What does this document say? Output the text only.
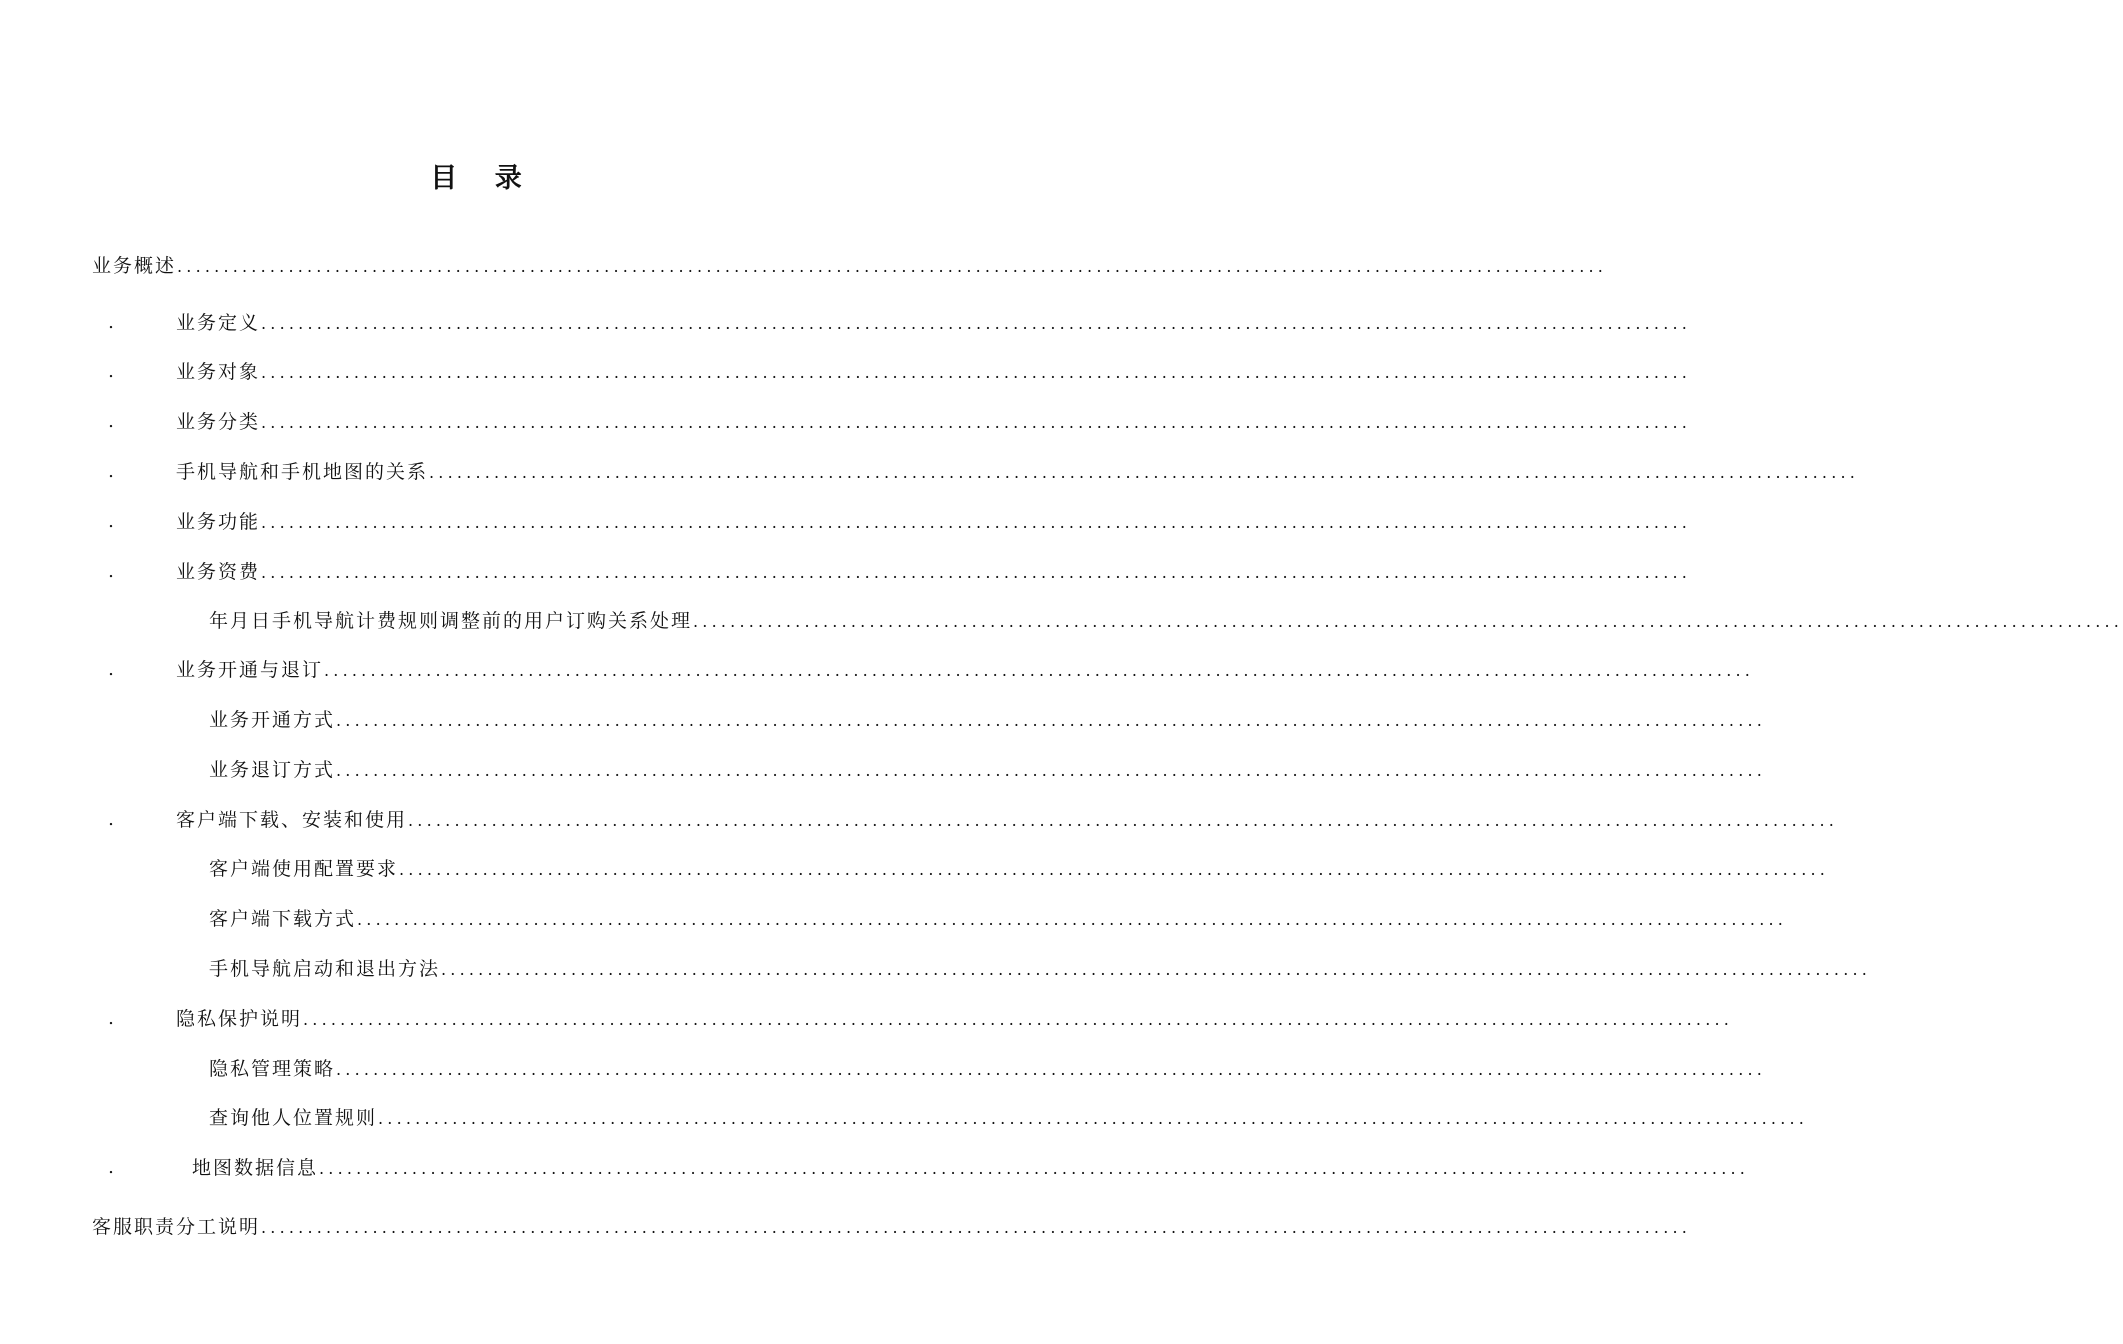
目 录
业务概述 ..........................................................................................................................................................
.	业务定义 ..........................................................................................................................................................
.	业务对象 ..........................................................................................................................................................
.	业务分类 ..........................................................................................................................................................
.	手机导航和手机地图的关系 ..........................................................................................................................................................
.	业务功能 ..........................................................................................................................................................
.	业务资费 ..........................................................................................................................................................
年月日手机导航计费规则调整前的用户订购关系处理 ..........................................................................................................................................................
.	业务开通与退订 ..........................................................................................................................................................
业务开通方式 ..........................................................................................................................................................
业务退订方式 ..........................................................................................................................................................
.	客户端下载、安装和使用 ..........................................................................................................................................................
客户端使用配置要求 ..........................................................................................................................................................
客户端下载方式 ..........................................................................................................................................................
手机导航启动和退出方法 ..........................................................................................................................................................
.	隐私保护说明 ..........................................................................................................................................................
隐私管理策略 ..........................................................................................................................................................
查询他人位置规则 ..........................................................................................................................................................
.	地图数据信息 ..........................................................................................................................................................
客服职责分工说明 ..........................................................................................................................................................
